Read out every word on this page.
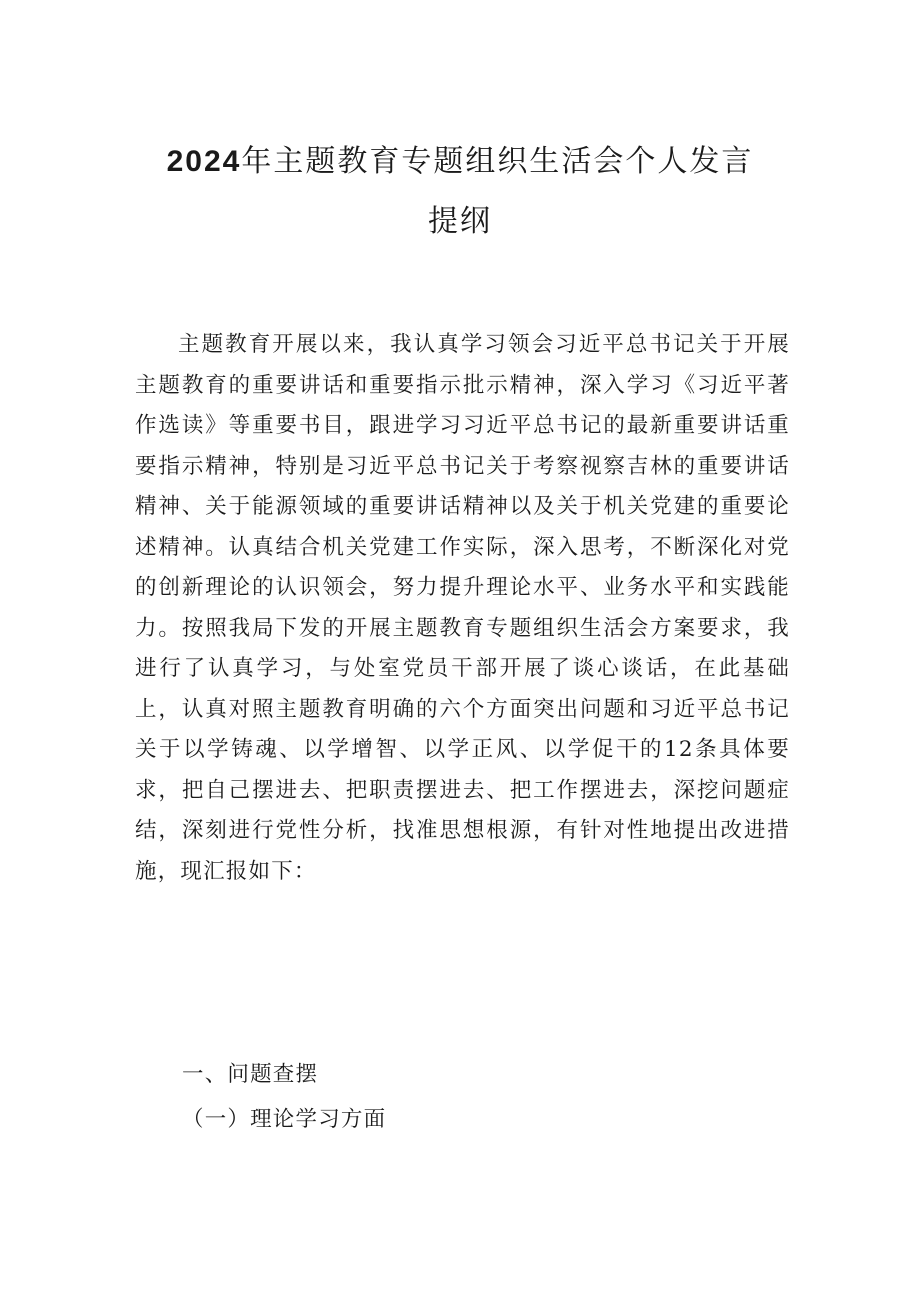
2024年主题教育专题组织生活会个人发言
提纲

主题教育开展以来，我认真学习领会习近平总书记关于开展主题教育的重要讲话和重要指示批示精神，深入学习《习近平著作选读》等重要书目，跟进学习习近平总书记的最新重要讲话重要指示精神，特别是习近平总书记关于考察视察吉林的重要讲话精神、关于能源领域的重要讲话精神以及关于机关党建的重要论述精神。认真结合机关党建工作实际，深入思考，不断深化对党的创新理论的认识领会，努力提升理论水平、业务水平和实践能力。按照我局下发的开展主题教育专题组织生活会方案要求，我进行了认真学习，与处室党员干部开展了谈心谈话，在此基础上，认真对照主题教育明确的六个方面突出问题和习近平总书记关于以学铸魂、以学增智、以学正风、以学促干的12条具体要求，把自己摆进去、把职责摆进去、把工作摆进去，深挖问题症结，深刻进行党性分析，找准思想根源，有针对性地提出改进措施，现汇报如下：

一、问题查摆
（一）理论学习方面
